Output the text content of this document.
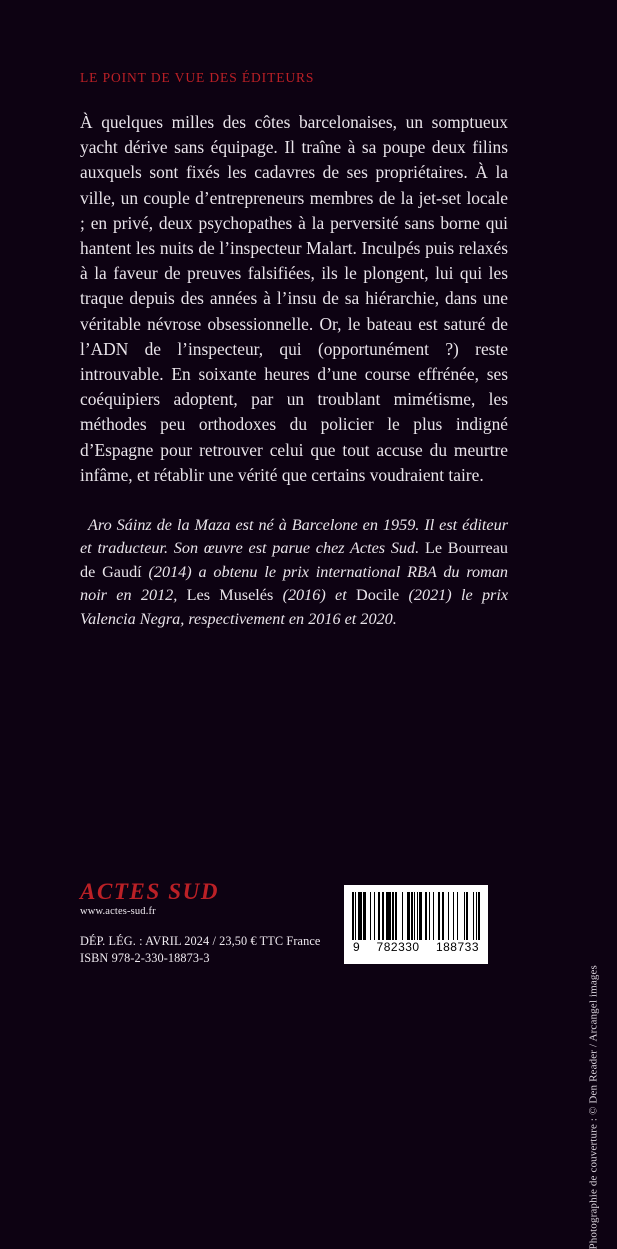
LE POINT DE VUE DES ÉDITEURS

À quelques milles des côtes barcelonaises, un somptueux yacht dérive sans équipage. Il traîne à sa poupe deux filins auxquels sont fixés les cadavres de ses propriétaires. À la ville, un couple d’entrepreneurs membres de la jet-set locale ; en privé, deux psychopathes à la perversité sans borne qui hantent les nuits de l’inspecteur Malart. Inculpés puis relaxés à la faveur de preuves falsifiées, ils le plongent, lui qui les traque depuis des années à l’insu de sa hiérarchie, dans une véritable névrose obsessionnelle. Or, le bateau est saturé de l’ADN de l’inspecteur, qui (opportunément ?) reste introuvable. En soixante heures d’une course effrénée, ses coéquipiers adoptent, par un troublant mimétisme, les méthodes peu orthodoxes du policier le plus indigné d’Espagne pour retrouver celui que tout accuse du meurtre infâme, et rétablir une vérité que certains voudraient taire.

Aro Sáinz de la Maza est né à Barcelone en 1959. Il est éditeur et traducteur. Son œuvre est parue chez Actes Sud. Le Bourreau de Gaudí (2014) a obtenu le prix international RBA du roman noir en 2012, Les Muselés (2016) et Docile (2021) le prix Valencia Negra, respectivement en 2016 et 2020.

ACTES SUD
www.actes-sud.fr
DÉP. LÉG. : AVRIL 2024 / 23,50 € TTC France
ISBN 978-2-330-18873-3
9 782330 188733
Photographie de couverture : © Den Reader / Arcangel images
